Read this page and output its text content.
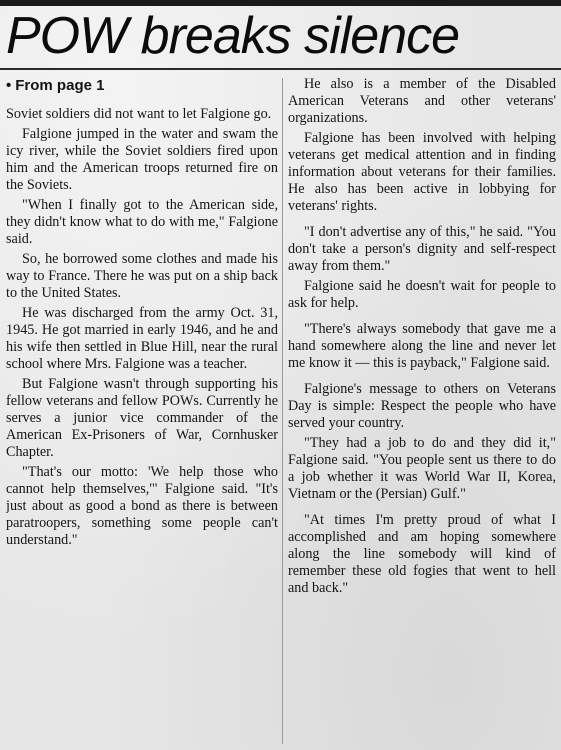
POW breaks silence
• From page 1

Soviet soldiers did not want to let Falgione go.

Falgione jumped in the water and swam the icy river, while the Soviet soldiers fired upon him and the American troops returned fire on the Soviets.

"When I finally got to the American side, they didn't know what to do with me," Falgione said.

So, he borrowed some clothes and made his way to France. There he was put on a ship back to the United States.

He was discharged from the army Oct. 31, 1945. He got married in early 1946, and he and his wife then settled in Blue Hill, near the rural school where Mrs. Falgione was a teacher.

But Falgione wasn't through supporting his fellow veterans and fellow POWs. Currently he serves a junior vice commander of the American Ex-Prisoners of War, Cornhusker Chapter.

"That's our motto: 'We help those who cannot help themselves,'" Falgione said. "It's just about as good a bond as there is between paratroopers, something some people can't understand."

He also is a member of the Disabled American Veterans and other veterans' organizations.

Falgione has been involved with helping veterans get medical attention and in finding information about veterans for their families. He also has been active in lobbying for veterans' rights.

"I don't advertise any of this," he said. "You don't take a person's dignity and self-respect away from them."

Falgione said he doesn't wait for people to ask for help.

"There's always somebody that gave me a hand somewhere along the line and never let me know it — this is payback," Falgione said.

Falgione's message to others on Veterans Day is simple: Respect the people who have served your country.

"They had a job to do and they did it," Falgione said. "You people sent us there to do a job whether it was World War II, Korea, Vietnam or the (Persian) Gulf."

"At times I'm pretty proud of what I accomplished and am hoping somewhere along the line somebody will kind of remember these old fogies that went to hell and back."
